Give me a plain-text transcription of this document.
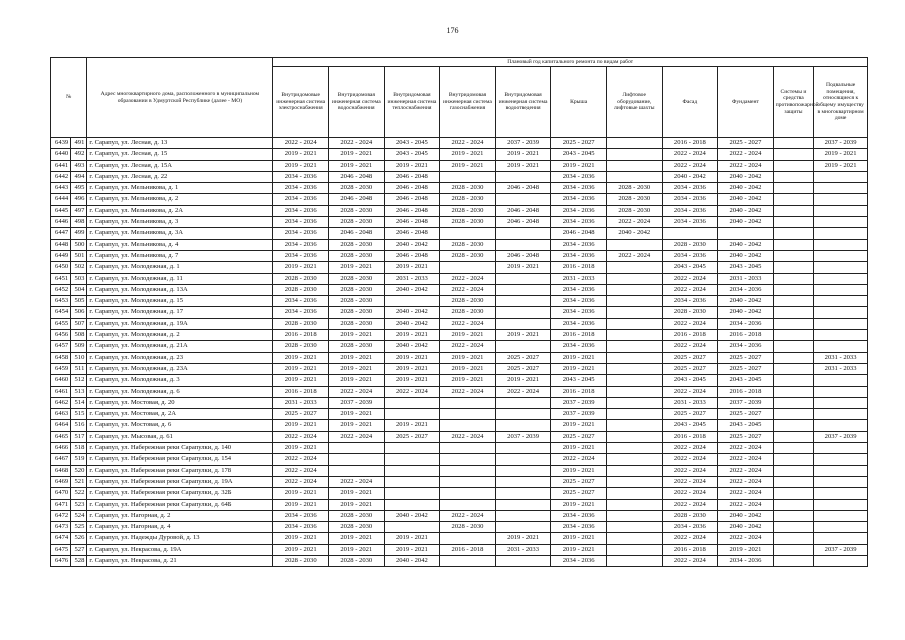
176
№		Адрес многоквартирного дома, расположенного в муниципальном образовании в Удмуртской Республике (далее - МО)	Плановый год капитального ремонта по видам работ										
			Внутридомовые инженерная система электроснабжения	Внутридомовая инженерная система водоснабжения	Внутридомовая инженерная система теплоснабжения	Внутридомовая инженерная система газоснабжения	Внутридомовая инженерная система водоотведения	Крыша	Лифтовое оборудование, лифтовые шахты	Фасад	Фундамент	Системы и средства противопожарной защиты	Подвальные помещения, относящиеся к общему имуществу в многоквартирном доме
6439	491	г. Сарапул, ул. Лесная, д. 13	2022 - 2024	2022 - 2024	2043 - 2045	2022 - 2024	2037 - 2039	2025 - 2027		2016 - 2018	2025 - 2027		2037 - 2039
6440	492	г. Сарапул, ул. Лесная, д. 15	2019 - 2021	2019 - 2021	2043 - 2045	2019 - 2021	2019 - 2021	2043 - 2045		2022 - 2024	2022 - 2024		2019 - 2021
6441	493	г. Сарапул, ул. Лесная, д. 15А	2019 - 2021	2019 - 2021	2019 - 2021	2019 - 2021	2019 - 2021	2019 - 2021		2022 - 2024	2022 - 2024		2019 - 2021
6442	494	г. Сарапул, ул. Лесная, д. 22	2034 - 2036	2046 - 2048	2046 - 2048			2034 - 2036		2040 - 2042	2040 - 2042		
6443	495	г. Сарапул, ул. Мельникова, д. 1	2034 - 2036	2028 - 2030	2046 - 2048	2028 - 2030	2046 - 2048	2034 - 2036	2028 - 2030	2034 - 2036	2040 - 2042		
6444	496	г. Сарапул, ул. Мельникова, д. 2	2034 - 2036	2046 - 2048	2046 - 2048	2028 - 2030		2034 - 2036	2028 - 2030	2034 - 2036	2040 - 2042		
6445	497	г. Сарапул, ул. Мельникова, д. 2А	2034 - 2036	2028 - 2030	2046 - 2048	2028 - 2030	2046 - 2048	2034 - 2036	2028 - 2030	2034 - 2036	2040 - 2042		
6446	498	г. Сарапул, ул. Мельникова, д. 3	2034 - 2036	2028 - 2030	2046 - 2048	2028 - 2030	2046 - 2048	2034 - 2036	2022 - 2024	2034 - 2036	2040 - 2042		
6447	499	г. Сарапул, ул. Мельникова, д. 3А	2034 - 2036	2046 - 2048	2046 - 2048			2046 - 2048	2040 - 2042				
6448	500	г. Сарапул, ул. Мельникова, д. 4	2034 - 2036	2028 - 2030	2040 - 2042	2028 - 2030		2034 - 2036		2028 - 2030	2040 - 2042		
6449	501	г. Сарапул, ул. Мельникова, д. 7	2034 - 2036	2028 - 2030	2046 - 2048	2028 - 2030	2046 - 2048	2034 - 2036	2022 - 2024	2034 - 2036	2040 - 2042		
6450	502	г. Сарапул, ул. Молодежная, д. 1	2019 - 2021	2019 - 2021	2019 - 2021		2019 - 2021	2016 - 2018		2043 - 2045	2043 - 2045		
6451	503	г. Сарапул, ул. Молодежная, д. 11	2028 - 2030	2028 - 2030	2031 - 2033	2022 - 2024		2031 - 2033		2022 - 2024	2031 - 2033		
6452	504	г. Сарапул, ул. Молодежная, д. 13А	2028 - 2030	2028 - 2030	2040 - 2042	2022 - 2024		2034 - 2036		2022 - 2024	2034 - 2036		
6453	505	г. Сарапул, ул. Молодежная, д. 15	2034 - 2036	2028 - 2030		2028 - 2030		2034 - 2036		2034 - 2036	2040 - 2042		
6454	506	г. Сарапул, ул. Молодежная, д. 17	2034 - 2036	2028 - 2030	2040 - 2042	2028 - 2030		2034 - 2036		2028 - 2030	2040 - 2042		
6455	507	г. Сарапул, ул. Молодежная, д. 19А	2028 - 2030	2028 - 2030	2040 - 2042	2022 - 2024		2034 - 2036		2022 - 2024	2034 - 2036		
6456	508	г. Сарапул, ул. Молодежная, д. 2	2016 - 2018	2019 - 2021	2019 - 2021	2019 - 2021	2019 - 2021	2016 - 2018		2016 - 2018	2016 - 2018		
6457	509	г. Сарапул, ул. Молодежная, д. 21А	2028 - 2030	2028 - 2030	2040 - 2042	2022 - 2024		2034 - 2036		2022 - 2024	2034 - 2036		
6458	510	г. Сарапул, ул. Молодежная, д. 23	2019 - 2021	2019 - 2021	2019 - 2021	2019 - 2021	2025 - 2027	2019 - 2021		2025 - 2027	2025 - 2027		2031 - 2033
6459	511	г. Сарапул, ул. Молодежная, д. 23А	2019 - 2021	2019 - 2021	2019 - 2021	2019 - 2021	2025 - 2027	2019 - 2021		2025 - 2027	2025 - 2027		2031 - 2033
6460	512	г. Сарапул, ул. Молодежная, д. 3	2019 - 2021	2019 - 2021	2019 - 2021	2019 - 2021	2019 - 2021	2043 - 2045		2043 - 2045	2043 - 2045		
6461	513	г. Сарапул, ул. Молодежная, д. 6	2016 - 2018	2022 - 2024	2022 - 2024	2022 - 2024	2022 - 2024	2016 - 2018		2022 - 2024	2016 - 2018		
6462	514	г. Сарапул, ул. Мостовая, д. 20	2031 - 2033	2037 - 2039				2037 - 2039		2031 - 2033	2037 - 2039		
6463	515	г. Сарапул, ул. Мостовая, д. 2А	2025 - 2027	2019 - 2021				2037 - 2039		2025 - 2027	2025 - 2027		
6464	516	г. Сарапул, ул. Мостовая, д. 6	2019 - 2021	2019 - 2021	2019 - 2021			2019 - 2021		2043 - 2045	2043 - 2045		
6465	517	г. Сарапул, ул. Мысовая, д. 61	2022 - 2024	2022 - 2024	2025 - 2027	2022 - 2024	2037 - 2039	2025 - 2027		2016 - 2018	2025 - 2027		2037 - 2039
6466	518	г. Сарапул, ул. Набережная реки Сарапулки, д. 140	2019 - 2021					2019 - 2021		2022 - 2024	2022 - 2024		
6467	519	г. Сарапул, ул. Набережная реки Сарапулки, д. 154	2022 - 2024					2022 - 2024		2022 - 2024	2022 - 2024		
6468	520	г. Сарапул, ул. Набережная реки Сарапулки, д. 178	2022 - 2024					2019 - 2021		2022 - 2024	2022 - 2024		
6469	521	г. Сарапул, ул. Набережная реки Сарапулки, д. 19А	2022 - 2024	2022 - 2024				2025 - 2027		2022 - 2024	2022 - 2024		
6470	522	г. Сарапул, ул. Набережная реки Сарапулки, д. 32Б	2019 - 2021	2019 - 2021				2025 - 2027		2022 - 2024	2022 - 2024		
6471	523	г. Сарапул, ул. Набережная реки Сарапулки, д. 64Б	2019 - 2021	2019 - 2021				2019 - 2021		2022 - 2024	2022 - 2024		
6472	524	г. Сарапул, ул. Нагорная, д. 2	2034 - 2036	2028 - 2030	2040 - 2042	2022 - 2024		2034 - 2036		2028 - 2030	2040 - 2042		
6473	525	г. Сарапул, ул. Нагорная, д. 4	2034 - 2036	2028 - 2030		2028 - 2030		2034 - 2036		2034 - 2036	2040 - 2042		
6474	526	г. Сарапул, ул. Надежды Дуровой, д. 13	2019 - 2021	2019 - 2021	2019 - 2021		2019 - 2021	2019 - 2021		2022 - 2024	2022 - 2024		
6475	527	г. Сарапул, ул. Некрасова, д. 19А	2019 - 2021	2019 - 2021	2019 - 2021	2016 - 2018	2031 - 2033	2019 - 2021		2016 - 2018	2019 - 2021		2037 - 2039
6476	528	г. Сарапул, ул. Некрасова, д. 21	2028 - 2030	2028 - 2030	2040 - 2042			2034 - 2036		2022 - 2024	2034 - 2036		
